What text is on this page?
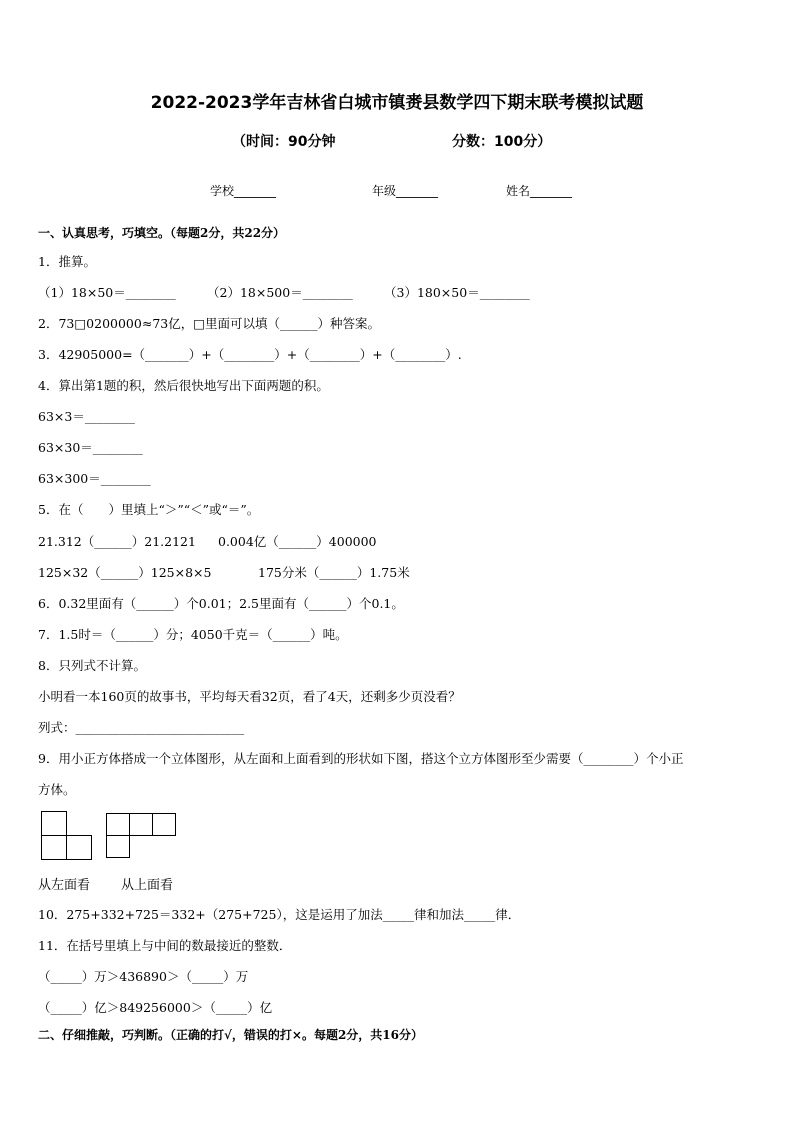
2022-2023学年吉林省白城市镇赉县数学四下期末联考模拟试题
（时间：90分钟	分数：100分）
学校_______	年级_______	姓名_______
一、认真思考，巧填空。（每题2分，共22分）
1．推算。
（1）18×50＝________	（2）18×500＝________	（3）180×50＝________
2．73□0200000≈73亿，□里面可以填（______）种答案。
3．42905000=（_______）+（________）+（________）+（________）.
4．算出第1题的积，然后很快地写出下面两题的积。
63×3＝________
63×30＝________
63×300＝________
5．在（　　）里填上“＞”“＜”或“＝”。
21.312（______）21.2121 0.004亿（______）400000
125×32（______）125×8×5	175分米（______）1.75米
6．0.32里面有（______）个0.01；2.5里面有（______）个0.1。
7．1.5时＝（______）分；4050千克＝（______）吨。
8．只列式不计算。
小明看一本160页的故事书，平均每天看32页，看了4天，还剩多少页没看？
列式：___________________________
9．用小正方体搭成一个立体图形，从左面和上面看到的形状如下图，搭这个立方体图形至少需要（________）个小正
方体。
从左面看 从上面看
10．275+332+725＝332+（275+725），这是运用了加法_____律和加法_____律．
11．在括号里填上与中间的数最接近的整数．
（_____）万＞436890＞（_____）万
（_____）亿＞849256000＞（_____）亿
二、仔细推敲，巧判断。（正确的打√，错误的打×。每题2分，共16分）
